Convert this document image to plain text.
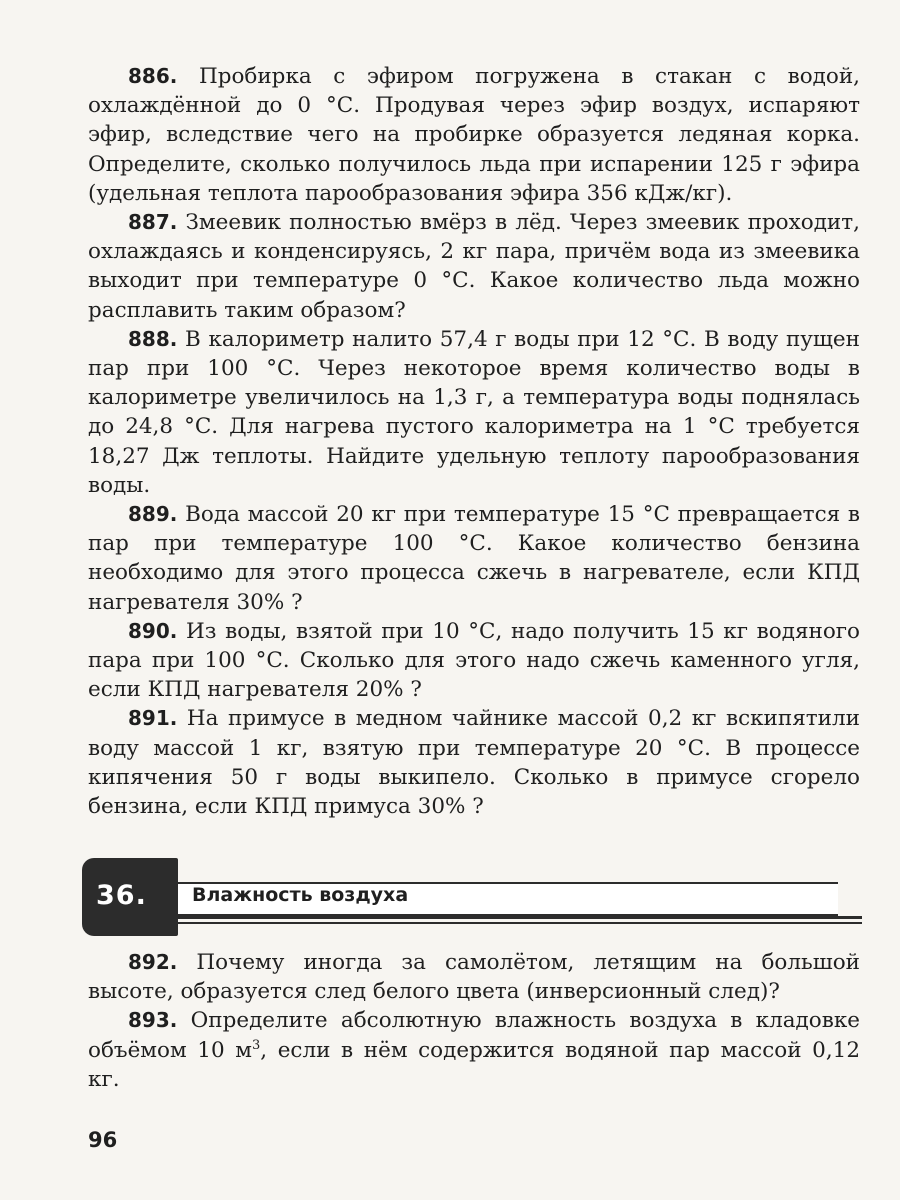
886. Пробирка с эфиром погружена в стакан с водой, охлаждённой до 0 °С. Продувая через эфир воздух, испаряют эфир, вследствие чего на пробирке образуется ледяная корка. Определите, сколько получилось льда при испарении 125 г эфира (удельная теплота парообразования эфира 356 кДж/кг).

887. Змеевик полностью вмёрз в лёд. Через змеевик проходит, охлаждаясь и конденсируясь, 2 кг пара, причём вода из змеевика выходит при температуре 0 °С. Какое количество льда можно расплавить таким образом?

888. В калориметр налито 57,4 г воды при 12 °С. В воду пущен пар при 100 °С. Через некоторое время количество воды в калориметре увеличилось на 1,3 г, а температура воды поднялась до 24,8 °С. Для нагрева пустого калориметра на 1 °С требуется 18,27 Дж теплоты. Найдите удельную теплоту парообразования воды.

889. Вода массой 20 кг при температуре 15 °С превращается в пар при температуре 100 °С. Какое количество бензина необходимо для этого процесса сжечь в нагревателе, если КПД нагревателя 30% ?

890. Из воды, взятой при 10 °С, надо получить 15 кг водяного пара при 100 °С. Сколько для этого надо сжечь каменного угля, если КПД нагревателя 20% ?

891. На примусе в медном чайнике массой 0,2 кг вскипятили воду массой 1 кг, взятую при температуре 20 °С. В процессе кипячения 50 г воды выкипело. Сколько в примусе сгорело бензина, если КПД примуса 30% ?

36. Влажность воздуха

892. Почему иногда за самолётом, летящим на большой высоте, образуется след белого цвета (инверсионный след)?

893. Определите абсолютную влажность воздуха в кладовке объёмом 10 $м^3$, если в нём содержится водяной пар массой 0,12 кг.

96
